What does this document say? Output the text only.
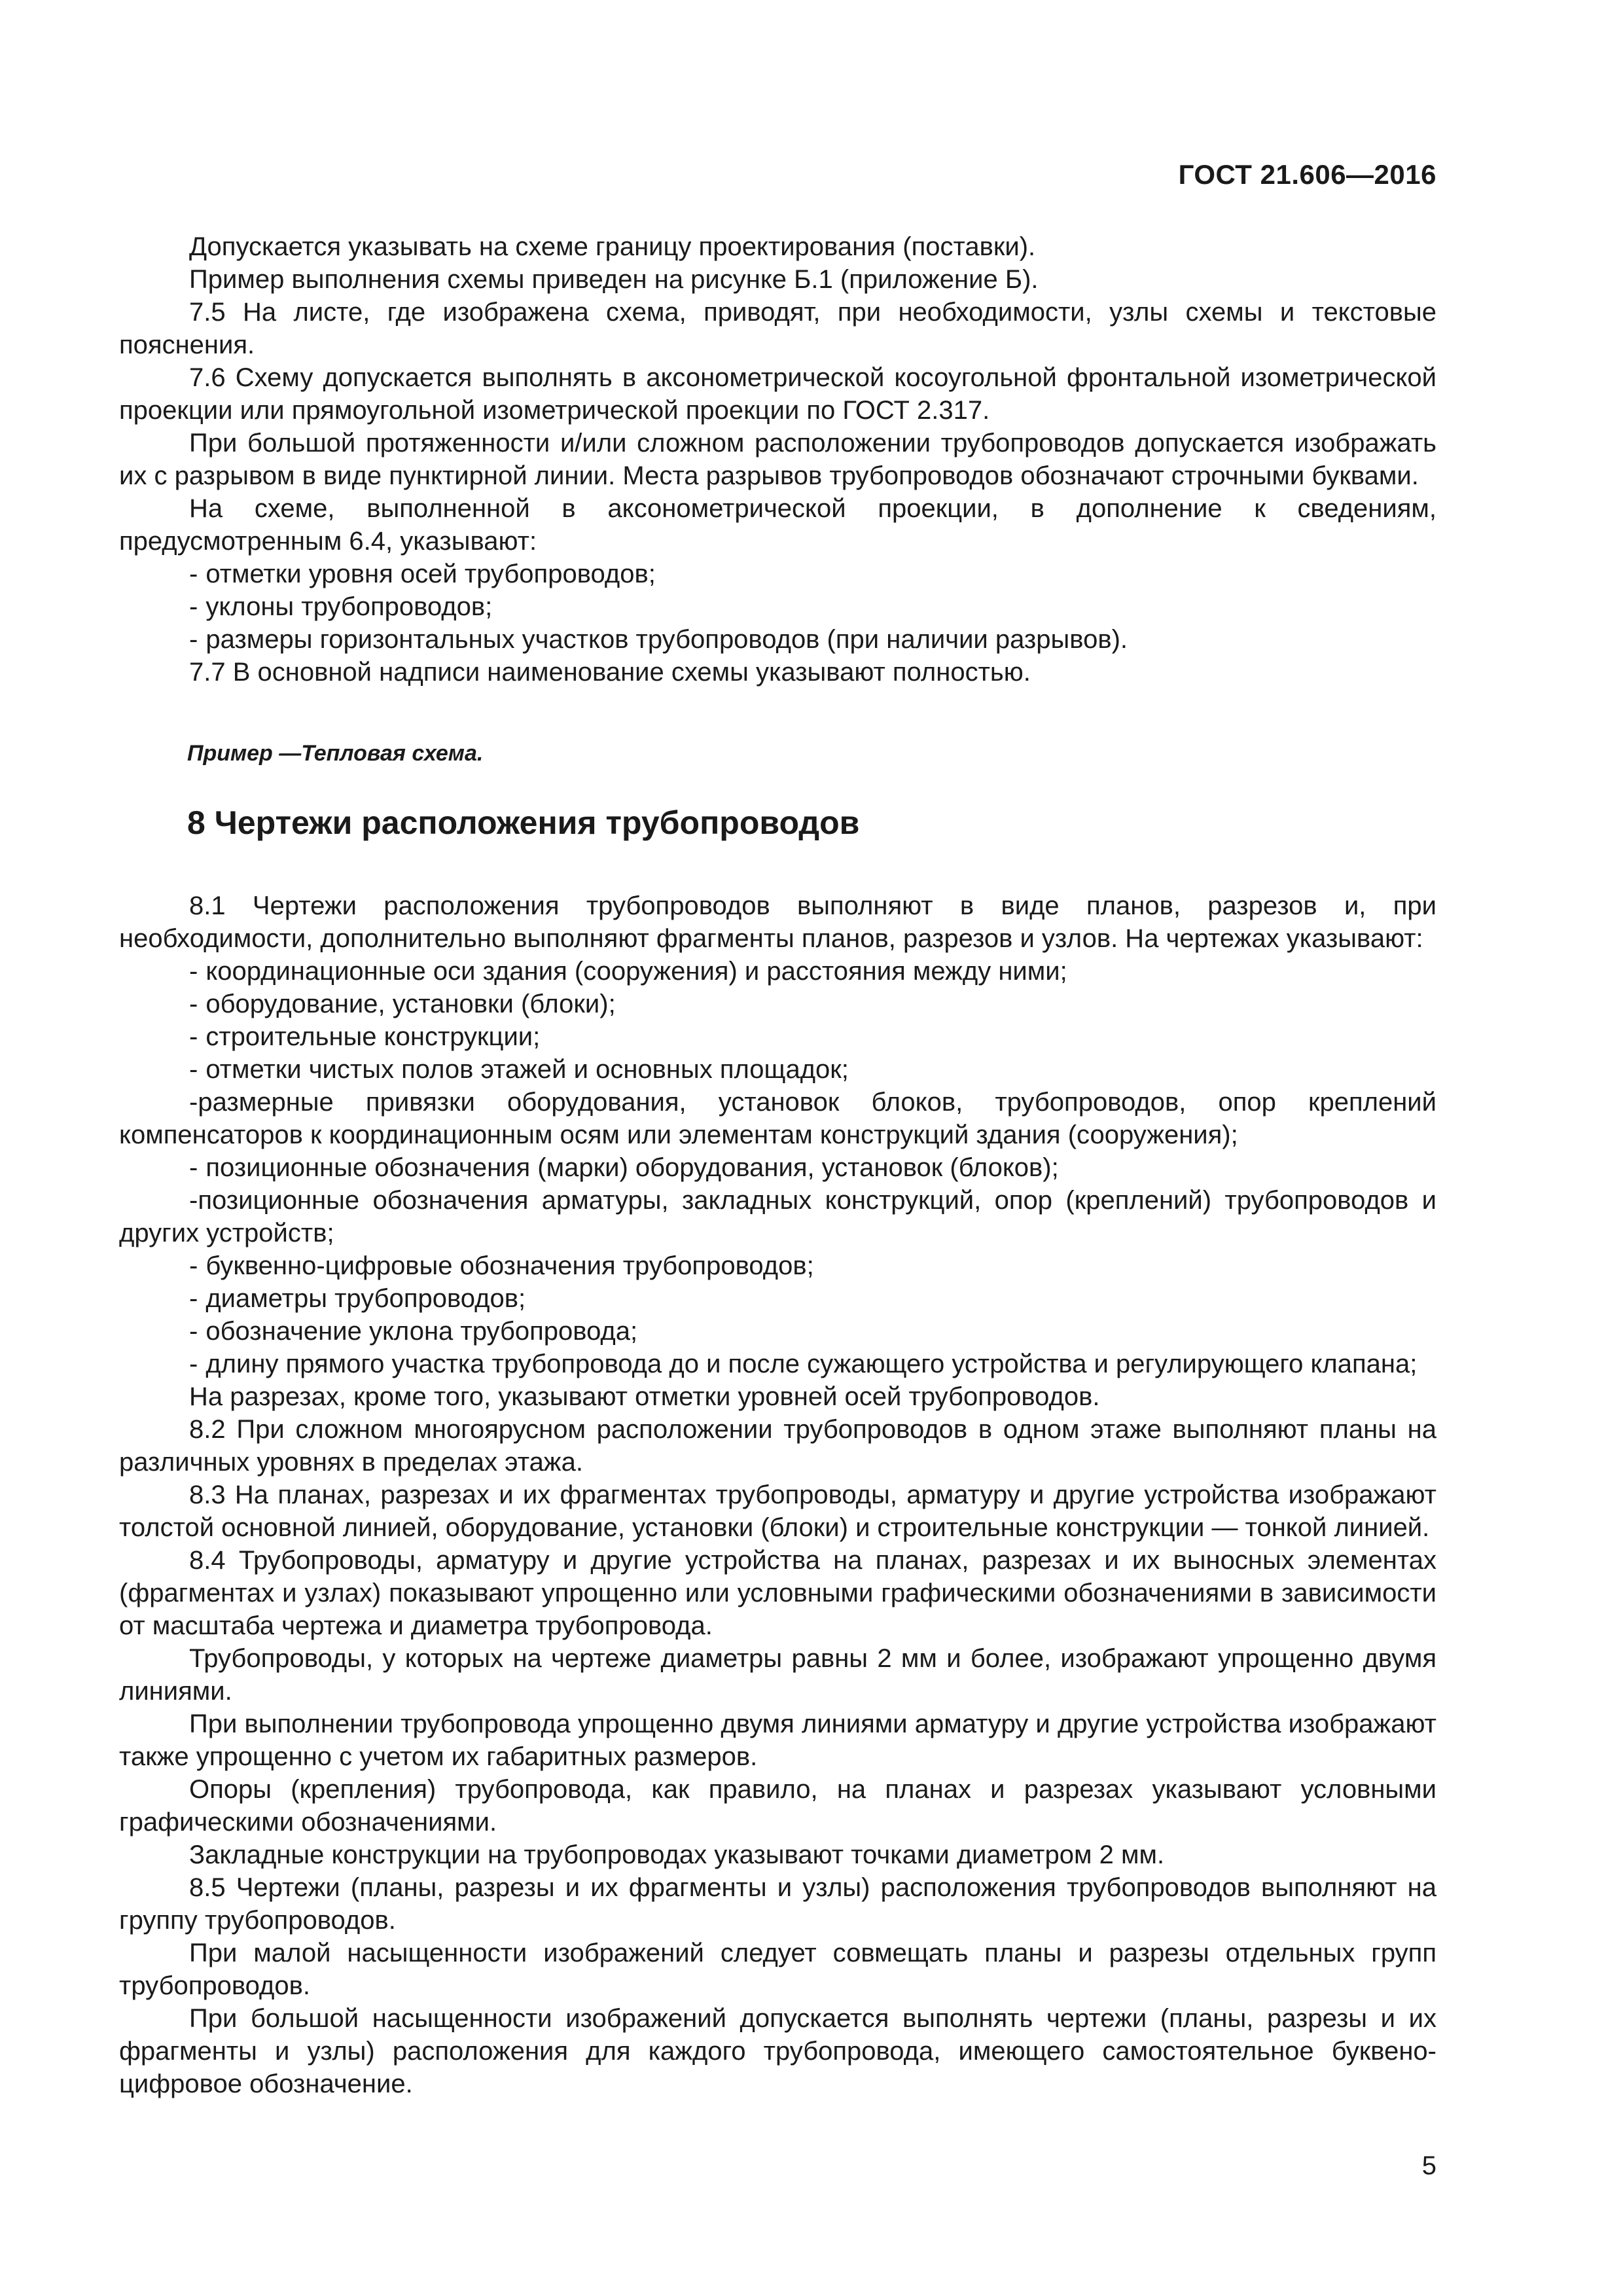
ГОСТ 21.606—2016
Допускается указывать на схеме границу проектирования (поставки).
Пример выполнения схемы приведен на рисунке Б.1 (приложение Б).
7.5 На листе, где изображена схема, приводят, при необходимости, узлы схемы и текстовые пояснения.
7.6 Схему допускается выполнять в аксонометрической косоугольной фронтальной изометрической проекции или прямоугольной изометрической проекции по ГОСТ 2.317.
При большой протяженности и/или сложном расположении трубопроводов допускается изображать их с разрывом в виде пунктирной линии. Места разрывов трубопроводов обозначают строчными буквами.
На схеме, выполненной в аксонометрической проекции, в дополнение к сведениям, предусмотренным 6.4, указывают:
- отметки уровня осей трубопроводов;
- уклоны трубопроводов;
- размеры горизонтальных участков трубопроводов (при наличии разрывов).
7.7 В основной надписи наименование схемы указывают полностью.
Пример —Тепловая схема.
8 Чертежи расположения трубопроводов
8.1 Чертежи расположения трубопроводов выполняют в виде планов, разрезов и, при необходимости, дополнительно выполняют фрагменты планов, разрезов и узлов. На чертежах указывают:
- координационные оси здания (сооружения) и расстояния между ними;
- оборудование, установки (блоки);
- строительные конструкции;
- отметки чистых полов этажей и основных площадок;
-размерные привязки оборудования, установок блоков, трубопроводов, опор креплений компенсаторов к координационным осям или элементам конструкций здания (сооружения);
- позиционные обозначения (марки) оборудования, установок (блоков);
-позиционные обозначения арматуры, закладных конструкций, опор (креплений) трубопроводов и других устройств;
- буквенно-цифровые обозначения трубопроводов;
- диаметры трубопроводов;
- обозначение уклона трубопровода;
- длину прямого участка трубопровода до и после сужающего устройства и регулирующего клапана;
На разрезах, кроме того, указывают отметки уровней осей трубопроводов.
8.2 При сложном многоярусном расположении трубопроводов в одном этаже выполняют планы на различных уровнях в пределах этажа.
8.3 На планах, разрезах и их фрагментах трубопроводы, арматуру и другие устройства изображают толстой основной линией, оборудование, установки (блоки) и строительные конструкции — тонкой линией.
8.4 Трубопроводы, арматуру и другие устройства на планах, разрезах и их выносных элементах (фрагментах и узлах) показывают упрощенно или условными графическими обозначениями в зависимости от масштаба чертежа и диаметра трубопровода.
Трубопроводы, у которых на чертеже диаметры равны 2 мм и более, изображают упрощенно двумя линиями.
При выполнении трубопровода упрощенно двумя линиями арматуру и другие устройства изображают также упрощенно с учетом их габаритных размеров.
Опоры (крепления) трубопровода, как правило, на планах и разрезах указывают условными графическими обозначениями.
Закладные конструкции на трубопроводах указывают точками диаметром 2 мм.
8.5 Чертежи (планы, разрезы и их фрагменты и узлы) расположения трубопроводов выполняют на группу трубопроводов.
При малой насыщенности изображений следует совмещать планы и разрезы отдельных групп трубопроводов.
При большой насыщенности изображений допускается выполнять чертежи (планы, разрезы и их фрагменты и узлы) расположения для каждого трубопровода, имеющего самостоятельное буквено-цифровое обозначение.
5
